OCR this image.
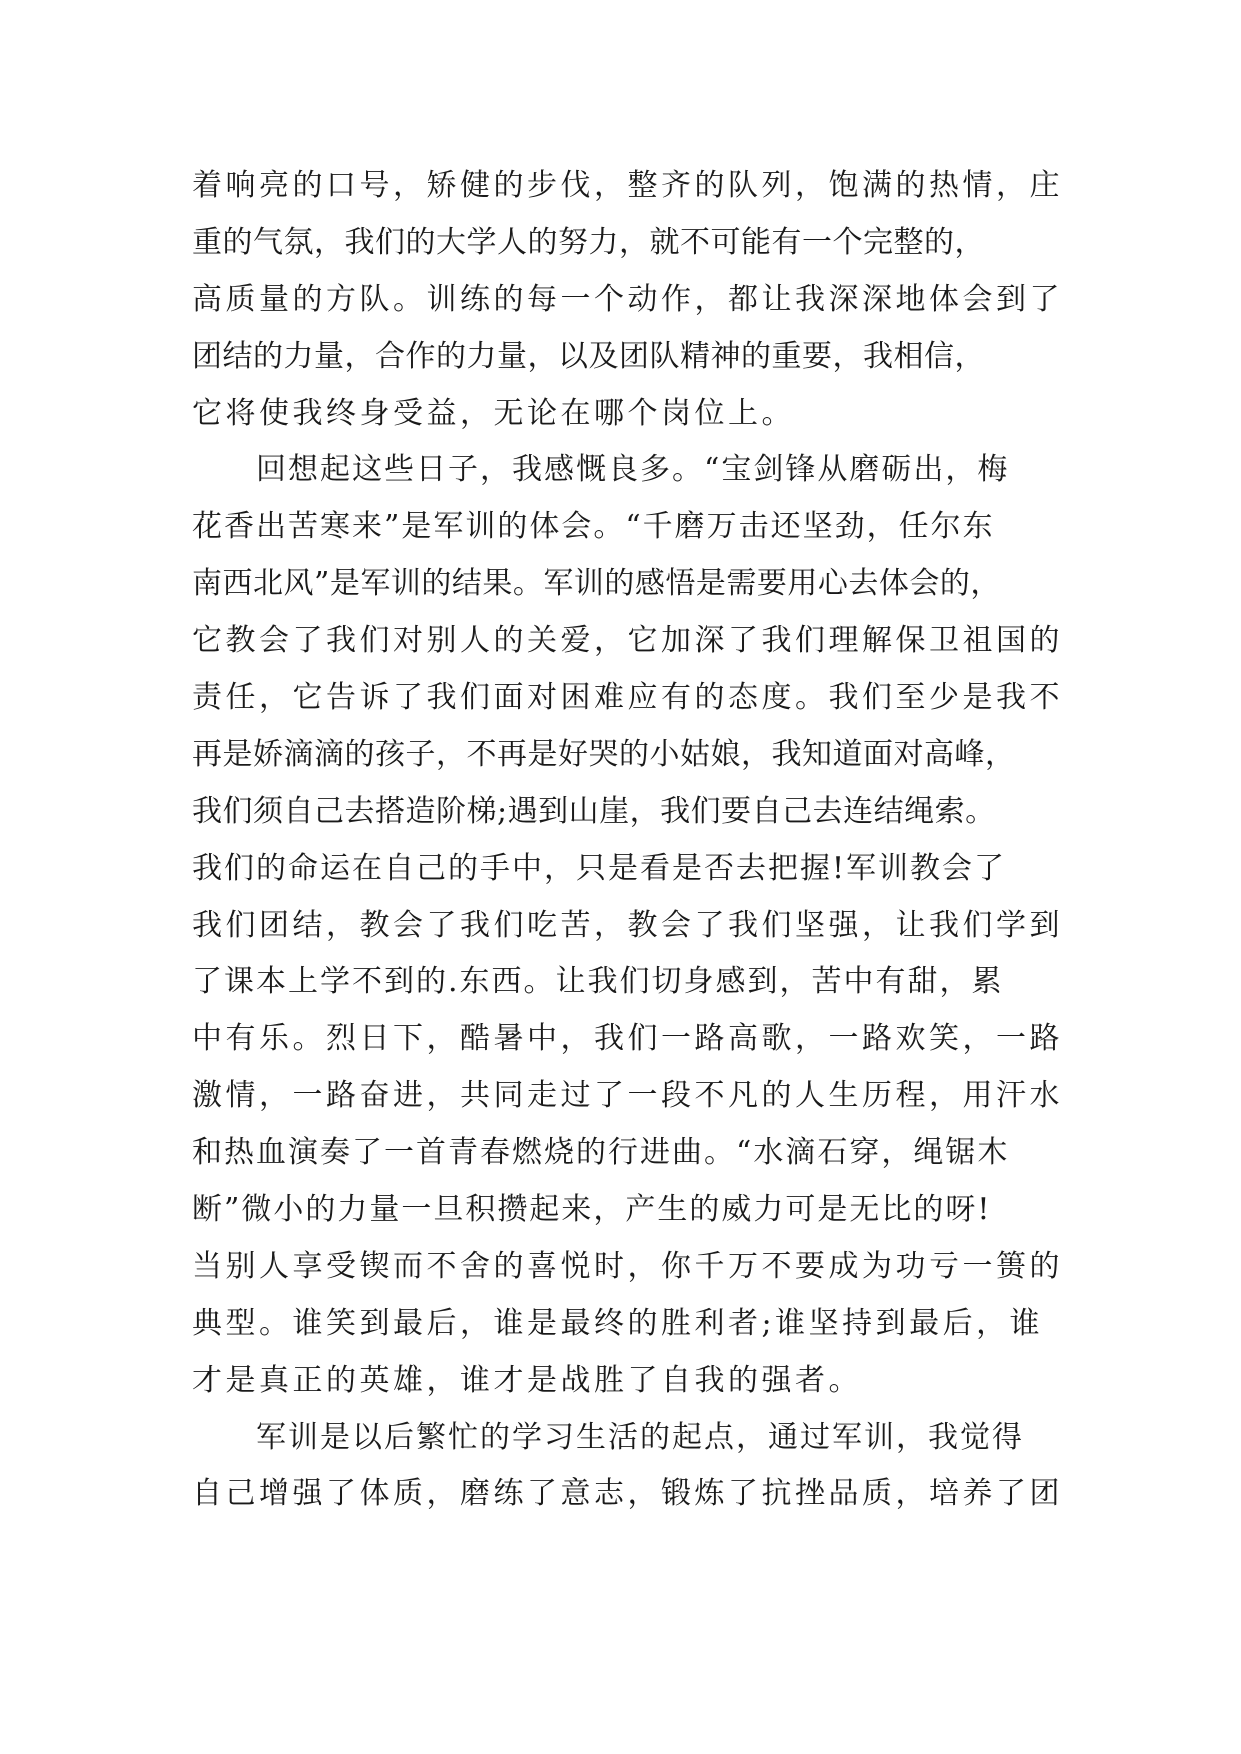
着响亮的口号，矫健的步伐，整齐的队列，饱满的热情，庄
重的气氛，我们的大学人的努力，就不可能有一个完整的，
高质量的方队。训练的每一个动作，都让我深深地体会到了
团结的力量，合作的力量，以及团队精神的重要，我相信，
它将使我终身受益，无论在哪个岗位上。
回想起这些日子，我感慨良多。“宝剑锋从磨砺出，梅
花香出苦寒来”是军训的体会。“千磨万击还坚劲，任尔东
南西北风”是军训的结果。军训的感悟是需要用心去体会的，
它教会了我们对别人的关爱，它加深了我们理解保卫祖国的
责任，它告诉了我们面对困难应有的态度。我们至少是我不
再是娇滴滴的孩子，不再是好哭的小姑娘，我知道面对高峰，
我们须自己去搭造阶梯;遇到山崖，我们要自己去连结绳索。
我们的命运在自己的手中，只是看是否去把握!军训教会了
我们团结，教会了我们吃苦，教会了我们坚强，让我们学到
了课本上学不到的.东西。让我们切身感到，苦中有甜，累
中有乐。烈日下，酷暑中，我们一路高歌，一路欢笑，一路
激情，一路奋进，共同走过了一段不凡的人生历程，用汗水
和热血演奏了一首青春燃烧的行进曲。“水滴石穿，绳锯木
断”微小的力量一旦积攒起来，产生的威力可是无比的呀!
当别人享受锲而不舍的喜悦时，你千万不要成为功亏一篑的
典型。谁笑到最后，谁是最终的胜利者;谁坚持到最后，谁
才是真正的英雄，谁才是战胜了自我的强者。
军训是以后繁忙的学习生活的起点，通过军训，我觉得
自己增强了体质，磨练了意志，锻炼了抗挫品质，培养了团
